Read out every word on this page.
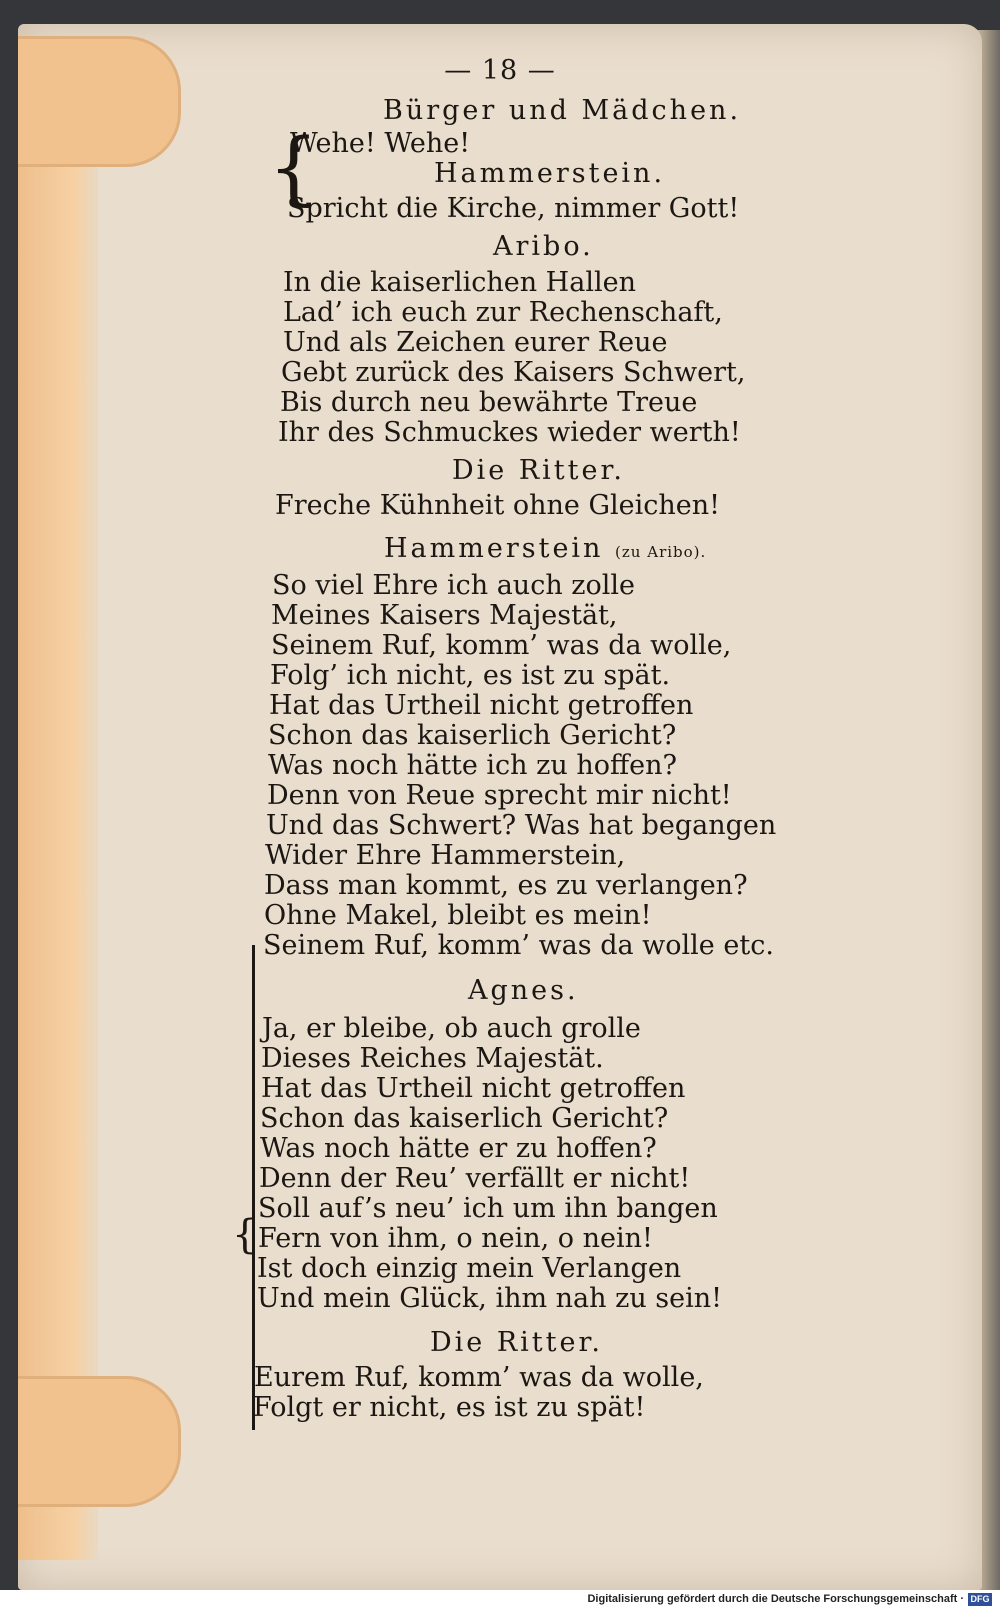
— 18 —
Bürger und Mädchen.
{
Wehe! Wehe!
Hammerstein.
Spricht die Kirche, nimmer Gott!
Aribo.
In die kaiserlichen Hallen
Lad’ ich euch zur Rechenschaft,
Und als Zeichen eurer Reue
Gebt zurück des Kaisers Schwert,
Bis durch neu bewährte Treue
Ihr des Schmuckes wieder werth!
Die Ritter.
Freche Kühnheit ohne Gleichen!
Hammerstein (zu Aribo).
So viel Ehre ich auch zolle
Meines Kaisers Majestät,
Seinem Ruf, komm’ was da wolle,
Folg’ ich nicht, es ist zu spät.
Hat das Urtheil nicht getroffen
Schon das kaiserlich Gericht?
Was noch hätte ich zu hoffen?
Denn von Reue sprecht mir nicht!
Und das Schwert? Was hat begangen
Wider Ehre Hammerstein,
Dass man kommt, es zu verlangen?
Ohne Makel, bleibt es mein!
Seinem Ruf, komm’ was da wolle etc.
{
Agnes.
Ja, er bleibe, ob auch grolle
Dieses Reiches Majestät.
Hat das Urtheil nicht getroffen
Schon das kaiserlich Gericht?
Was noch hätte er zu hoffen?
Denn der Reu’ verfällt er nicht!
Soll auf’s neu’ ich um ihn bangen
Fern von ihm, o nein, o nein!
Ist doch einzig mein Verlangen
Und mein Glück, ihm nah zu sein!
Die Ritter.
Eurem Ruf, komm’ was da wolle,
Folgt er nicht, es ist zu spät!
Digitalisierung gefördert durch die Deutsche Forschungsgemeinschaft · DFG
